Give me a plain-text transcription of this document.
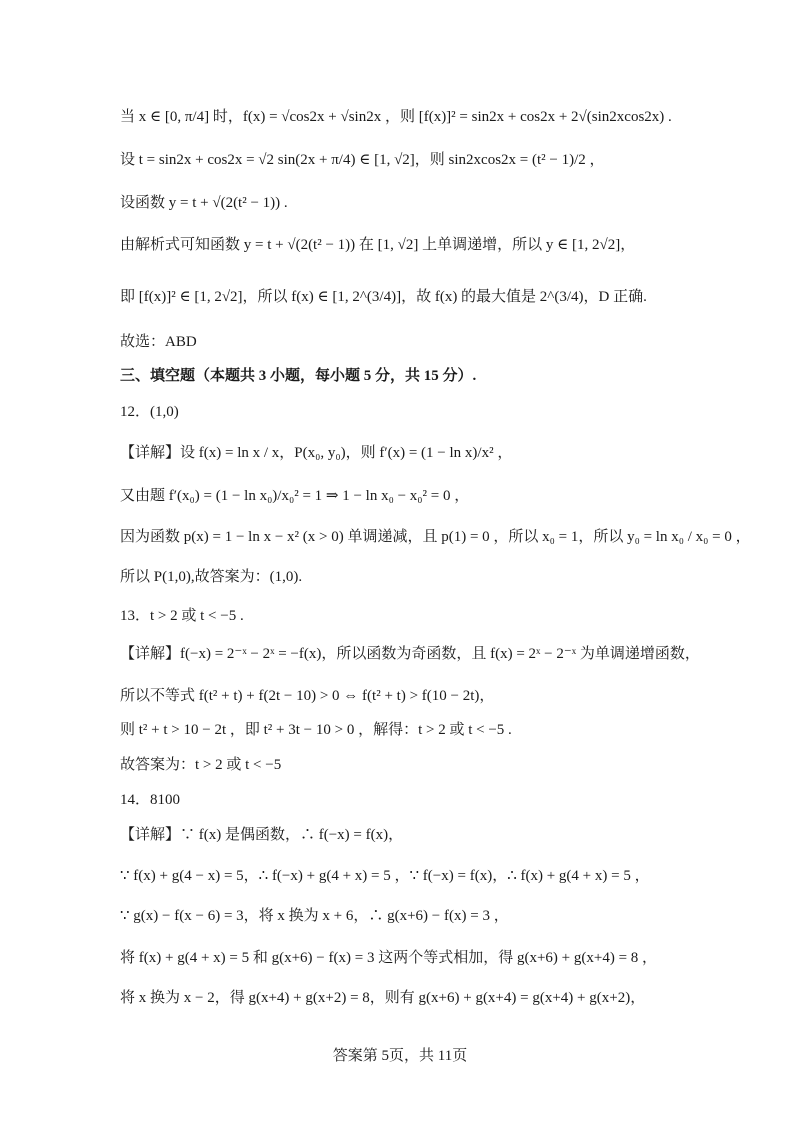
当 x ∈ [0, π/4] 时，f(x) = √cos2x + √sin2x ，则 [f(x)]² = sin2x + cos2x + 2√(sin2xcos2x) .
设 t = sin2x + cos2x = √2 sin(2x + π/4) ∈ [1, √2]，则 sin2xcos2x = (t² − 1)/2 ，
设函数 y = t + √(2(t² − 1)) .
由解析式可知函数 y = t + √(2(t² − 1)) 在 [1, √2] 上单调递增，所以 y ∈ [1, 2√2]，
即 [f(x)]² ∈ [1, 2√2]，所以 f(x) ∈ [1, 2^(3/4)]，故 f(x) 的最大值是 2^(3/4)，D 正确.
故选：ABD
三、填空题（本题共 3 小题，每小题 5 分，共 15 分）.
12．(1,0)
【详解】设 f(x) = ln x / x，P(x₀, y₀)，则 f′(x) = (1 − ln x)/x² ，
又由题 f′(x₀) = (1 − ln x₀)/x₀² = 1 ⇒ 1 − ln x₀ − x₀² = 0 ，
因为函数 p(x) = 1 − ln x − x² (x > 0) 单调递减，且 p(1) = 0 ，所以 x₀ = 1，所以 y₀ = ln x₀ / x₀ = 0 ，
所以 P(1,0),故答案为：(1,0).
13．t > 2 或 t < −5 .
【详解】f(−x) = 2⁻ˣ − 2ˣ = −f(x)，所以函数为奇函数，且 f(x) = 2ˣ − 2⁻ˣ 为单调递增函数，
所以不等式 f(t² + t) + f(2t − 10) > 0 ⇔ f(t² + t) > f(10 − 2t)，
则 t² + t > 10 − 2t ，即 t² + 3t − 10 > 0 ，解得：t > 2 或 t < −5 .
故答案为：t > 2 或 t < −5
14．8100
【详解】∵ f(x) 是偶函数，∴ f(−x) = f(x)，
∵ f(x) + g(4 − x) = 5，∴ f(−x) + g(4 + x) = 5 ，∵ f(−x) = f(x)，∴ f(x) + g(4 + x) = 5 ，
∵ g(x) − f(x − 6) = 3，将 x 换为 x + 6，∴ g(x+6) − f(x) = 3 ，
将 f(x) + g(4 + x) = 5 和 g(x+6) − f(x) = 3 这两个等式相加，得 g(x+6) + g(x+4) = 8 ，
将 x 换为 x − 2，得 g(x+4) + g(x+2) = 8，则有 g(x+6) + g(x+4) = g(x+4) + g(x+2)，
答案第 5页，共 11页
